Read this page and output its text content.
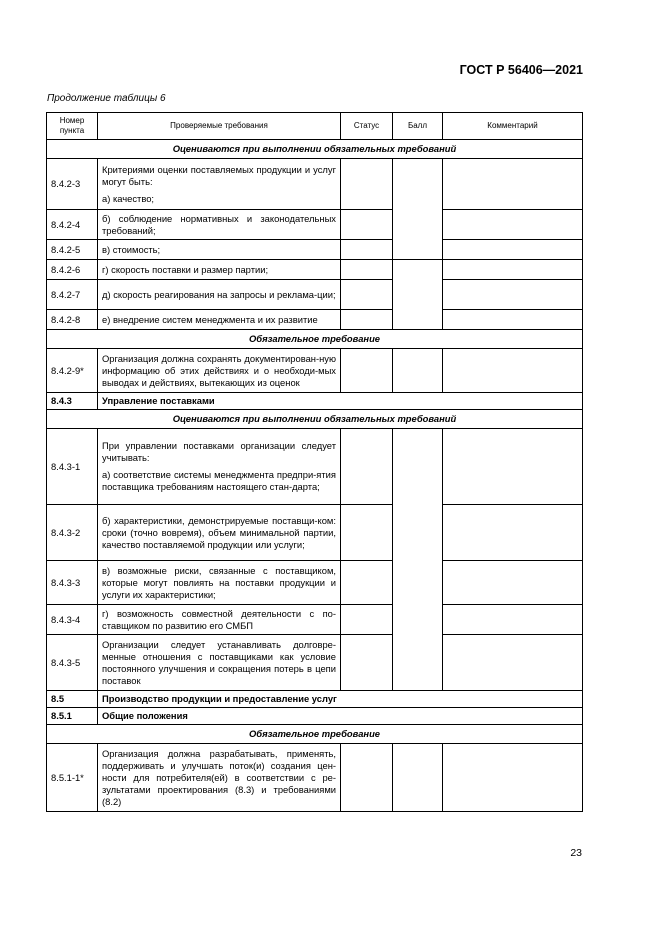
ГОСТ Р 56406—2021
Продолжение таблицы 6
Номер пункта	Проверяемые требования	Статус	Балл	Комментарий
Оцениваются при выполнении обязательных требований				
8.4.2-3	Критериями оценки поставляемых продукции и услуг могут быть:
а) качество;			

8.4.2-4	б) соблюдение нормативных и законодательных требований;			
8.4.2-5	в) стоимость;			
8.4.2-6	г) скорость поставки и размер партии;			
8.4.2-7	д) скорость реагирования на запросы и реклама-ции;			
8.4.2-8	е) внедрение систем менеджмента и их развитие			
Обязательное требование				
8.4.2-9*	Организация должна сохранять документирован-ную информацию об этих действиях и о необходи-мых выводах и действиях, вытекающих из оценок			
8.4.3	Управление поставками			
Оцениваются при выполнении обязательных требований				
8.4.3-1	При управлении поставками организации следует учитывать:
а) соответствие системы менеджмента предпри-ятия поставщика требованиям настоящего стан-дарта;			

8.4.3-2	б) характеристики, демонстрируемые поставщи-ком: сроки (точно вовремя), объем минимальной партии, качество поставляемой продукции или услуги;			
8.4.3-3	в) возможные риски, связанные с поставщиком, которые могут повлиять на поставки продукции и услуги их характеристики;			
8.4.3-4	г) возможность совместной деятельности с по-ставщиком по развитию его СМБП			
8.4.3-5	Организации следует устанавливать долговре-менные отношения с поставщиками как условие постоянного улучшения и сокращения потерь в цепи поставок			
8.5	Производство продукции и предоставление услуг			
8.5.1	Общие положения			
Обязательное требование				
8.5.1-1*	Организация должна разрабатывать, применять, поддерживать и улучшать поток(и) создания цен-ности для потребителя(ей) в соответствии с ре-зультатами проектирования (8.3) и требованиями (8.2)			
23
